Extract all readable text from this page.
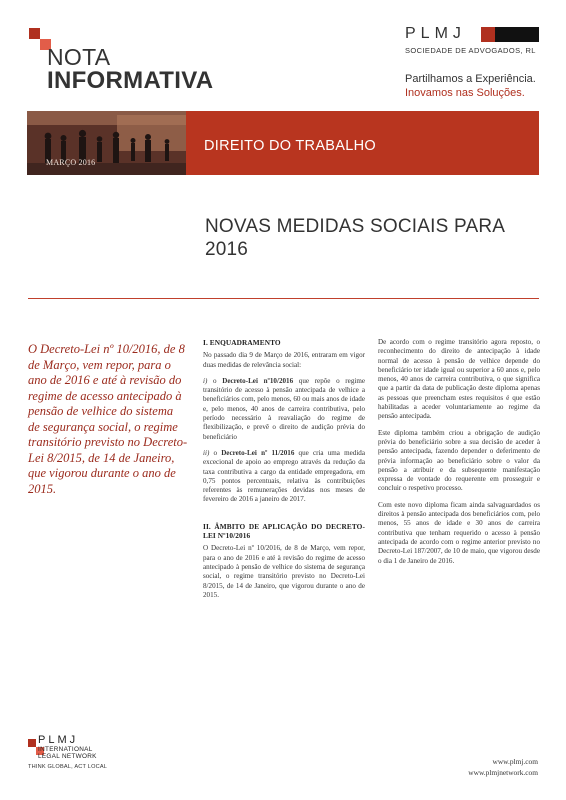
NOTA
INFORMATIVA
PLMJ
SOCIEDADE DE ADVOGADOS, RL
Partilhamos a Experiência.
Inovamos nas Soluções.
MARÇO 2016
DIREITO DO TRABALHO
NOVAS MEDIDAS SOCIAIS PARA
2016
O Decreto-Lei nº 10/2016, de 8 de Março, vem repor, para o ano de 2016 e até à revisão do regime de acesso antecipado à pensão de velhice do sistema de segurança social, o regime transitório previsto no Decreto-Lei 8/2015, de 14 de Janeiro, que vigorou durante o ano de 2015.
I. ENQUADRAMENTO

No passado dia 9 de Março de 2016, entraram em vigor duas medidas de relevância social:

i) o Decreto-Lei nº10/2016 que repõe o regime transitório de acesso à pensão antecipada de velhice a beneficiários com, pelo menos, 60 ou mais anos de idade e, pelo menos, 40 anos de carreira contributiva, pelo período necessário à reavaliação do regime de flexibilização, e prevê o direito de audição prévia do beneficiário

ii) o Decreto-Lei nº 11/2016 que cria uma medida excecional de apoio ao emprego através da redução da taxa contributiva a cargo da entidade empregadora, em 0,75 pontos percentuais, relativa às contribuições referentes às remunerações devidas nos meses de fevereiro de 2016 a janeiro de 2017.

II. ÂMBITO DE APLICAÇÃO DO DECRETO-LEI Nº10/2016

O Decreto-Lei nº 10/2016, de 8 de Março, vem repor, para o ano de 2016 e até à revisão do regime de acesso antecipado à pensão de velhice do sistema de segurança social, o regime transitório previsto no Decreto-Lei 8/2015, de 14 de Janeiro, que vigorou durante o ano de 2015.

De acordo com o regime transitório agora reposto, o reconhecimento do direito de antecipação à idade normal de acesso à pensão de velhice depende do beneficiário ter idade igual ou superior a 60 anos e, pelo menos, 40 anos de carreira contributiva, o que significa que a partir da data de publicação deste diploma apenas as pessoas que preencham estes requisitos é que estão habilitadas a aceder voluntariamente ao regime da pensão antecipada.

Este diploma também criou a obrigação de audição prévia do beneficiário sobre a sua decisão de aceder à pensão antecipada, fazendo depender o deferimento de prévia informação ao beneficiário sobre o valor da pensão a atribuir e da subsequente manifestação expressa de vontade do requerente em prosseguir e concluir o respetivo processo.

Com este novo diploma ficam ainda salvaguardados os direitos à pensão antecipada dos beneficiários com, pelo menos, 55 anos de idade e 30 anos de carreira contributiva que tenham requerido o acesso à pensão antecipada de acordo com o regime anterior previsto no Decreto-Lei 187/2007, de 10 de maio, que vigorou desde o dia 1 de Janeiro de 2016.

PLMJ
INTERNATIONAL
LEGAL NETWORK
THINK GLOBAL, ACT LOCAL
www.plmj.com
www.plmjnetwork.com
